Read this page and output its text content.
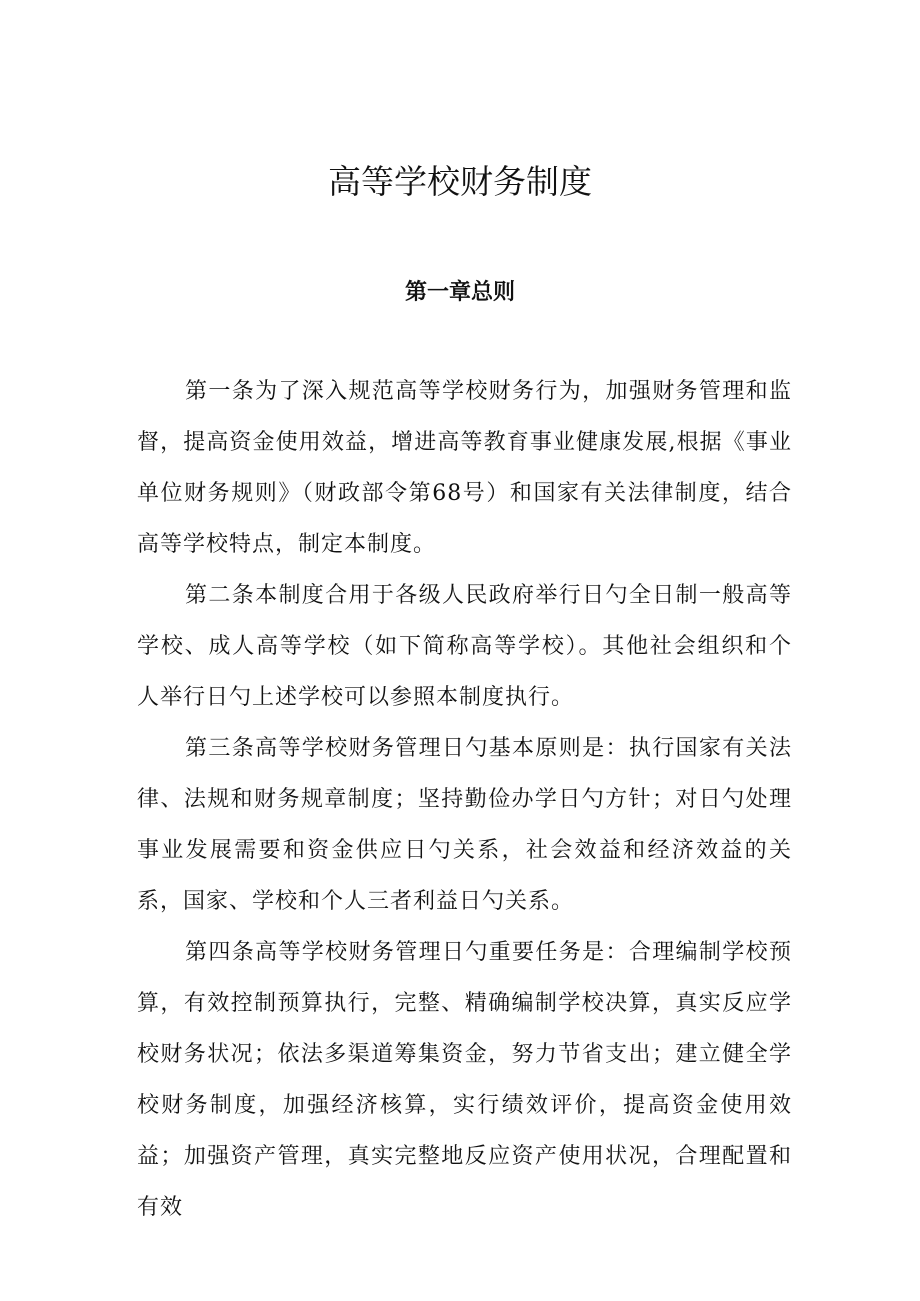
高等学校财务制度
第一章总则

第一条为了深入规范高等学校财务行为，加强财务管理和监督，提高资金使用效益，增进高等教育事业健康发展,根据《事业单位财务规则》（财政部令第68号）和国家有关法律制度，结合高等学校特点，制定本制度。

第二条本制度合用于各级人民政府举行日勺全日制一般高等学校、成人高等学校（如下简称高等学校）。其他社会组织和个人举行日勺上述学校可以参照本制度执行。

第三条高等学校财务管理日勺基本原则是：执行国家有关法律、法规和财务规章制度；坚持勤俭办学日勺方针；对日勺处理事业发展需要和资金供应日勺关系，社会效益和经济效益的关系，国家、学校和个人三者利益日勺关系。

第四条高等学校财务管理日勺重要任务是：合理编制学校预算，有效控制预算执行，完整、精确编制学校决算，真实反应学校财务状况；依法多渠道筹集资金，努力节省支出；建立健全学校财务制度，加强经济核算，实行绩效评价，提高资金使用效益；加强资产管理，真实完整地反应资产使用状况，合理配置和有效
